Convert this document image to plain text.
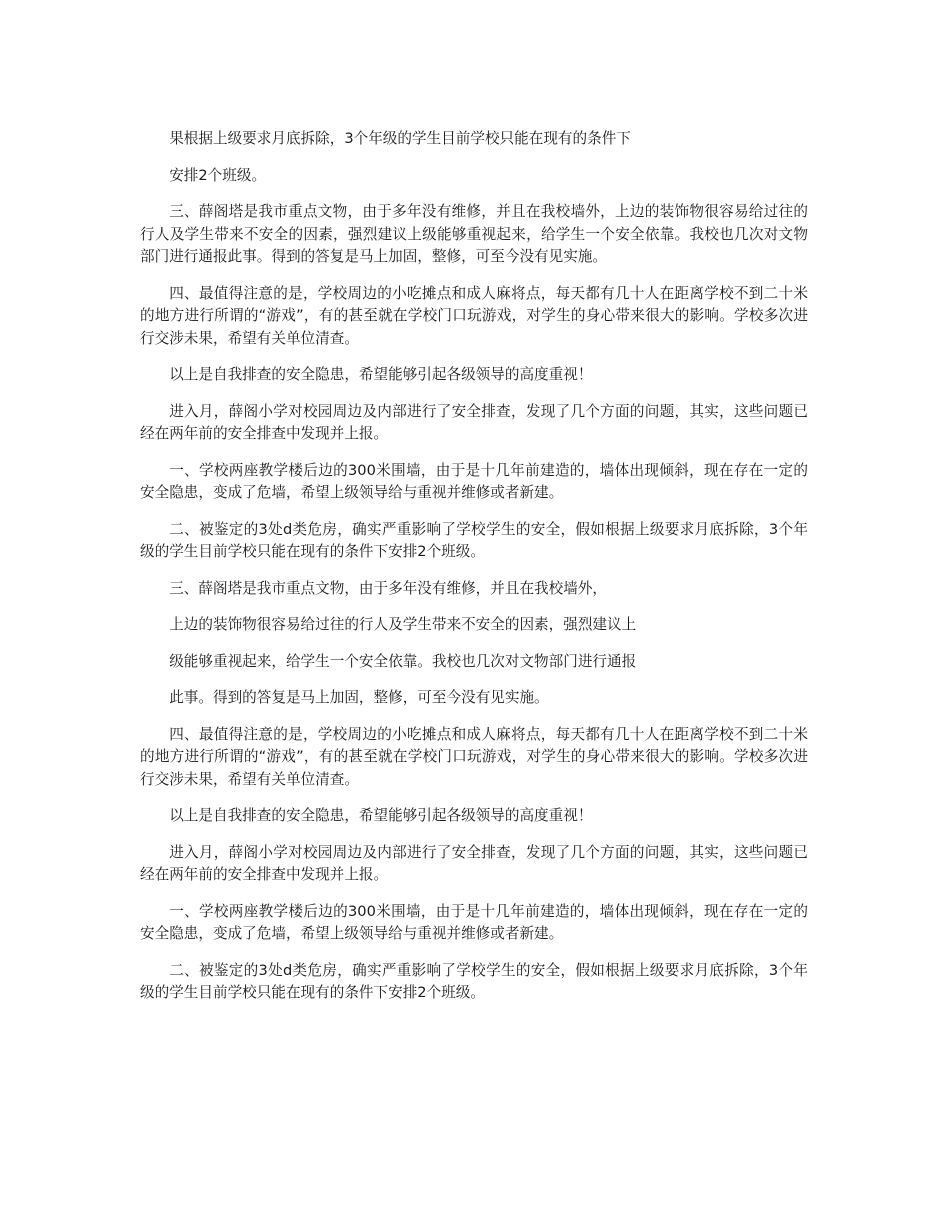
果根据上级要求月底拆除，3个年级的学生目前学校只能在现有的条件下

安排2个班级。

三、薛阁塔是我市重点文物，由于多年没有维修，并且在我校墙外，上边的装饰物很容易给过往的行人及学生带来不安全的因素，强烈建议上级能够重视起来，给学生一个安全依靠。我校也几次对文物部门进行通报此事。得到的答复是马上加固，整修，可至今没有见实施。

四、最值得注意的是，学校周边的小吃摊点和成人麻将点，每天都有几十人在距离学校不到二十米的地方进行所谓的“游戏”，有的甚至就在学校门口玩游戏，对学生的身心带来很大的影响。学校多次进行交涉未果，希望有关单位清查。

以上是自我排查的安全隐患，希望能够引起各级领导的高度重视！

进入月，薛阁小学对校园周边及内部进行了安全排查，发现了几个方面的问题，其实，这些问题已经在两年前的安全排查中发现并上报。

一、学校两座教学楼后边的300米围墙，由于是十几年前建造的，墙体出现倾斜，现在存在一定的安全隐患，变成了危墙，希望上级领导给与重视并维修或者新建。

二、被鉴定的3处d类危房，确实严重影响了学校学生的安全，假如根据上级要求月底拆除，3个年级的学生目前学校只能在现有的条件下安排2个班级。

三、薛阁塔是我市重点文物，由于多年没有维修，并且在我校墙外，

上边的装饰物很容易给过往的行人及学生带来不安全的因素，强烈建议上

级能够重视起来，给学生一个安全依靠。我校也几次对文物部门进行通报

此事。得到的答复是马上加固，整修，可至今没有见实施。

四、最值得注意的是，学校周边的小吃摊点和成人麻将点，每天都有几十人在距离学校不到二十米的地方进行所谓的“游戏”，有的甚至就在学校门口玩游戏，对学生的身心带来很大的影响。学校多次进行交涉未果，希望有关单位清查。

以上是自我排查的安全隐患，希望能够引起各级领导的高度重视！

进入月，薛阁小学对校园周边及内部进行了安全排查，发现了几个方面的问题，其实，这些问题已经在两年前的安全排查中发现并上报。

一、学校两座教学楼后边的300米围墙，由于是十几年前建造的，墙体出现倾斜，现在存在一定的安全隐患，变成了危墙，希望上级领导给与重视并维修或者新建。

二、被鉴定的3处d类危房，确实严重影响了学校学生的安全，假如根据上级要求月底拆除，3个年级的学生目前学校只能在现有的条件下安排2个班级。
